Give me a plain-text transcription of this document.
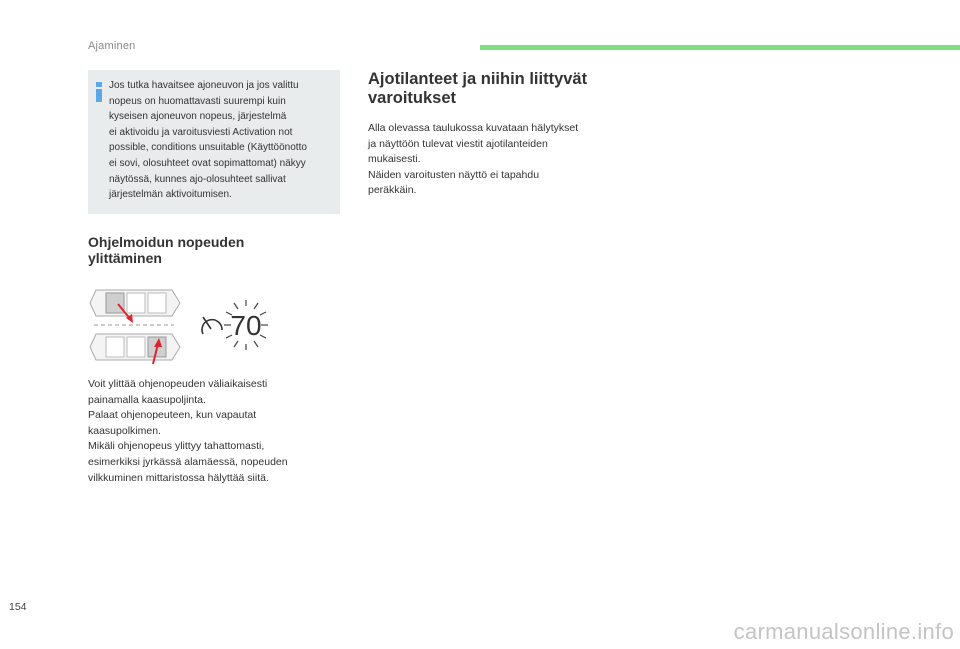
Ajaminen
Jos tutka havaitsee ajoneuvon ja jos valittu
nopeus on huomattavasti suurempi kuin
kyseisen ajoneuvon nopeus, järjestelmä
ei aktivoidu ja varoitusviesti Activation not
possible, conditions unsuitable (Käyttöönotto
ei sovi, olosuhteet ovat sopimattomat) näkyy
näytössä, kunnes ajo-olosuhteet sallivat
järjestelmän aktivoitumisen.
Ohjelmoidun nopeuden
ylittäminen
70
Voit ylittää ohjenopeuden väliaikaisesti
painamalla kaasupoljinta.
Palaat ohjenopeuteen, kun vapautat
kaasupolkimen.
Mikäli ohjenopeus ylittyy tahattomasti,
esimerkiksi jyrkässä alamäessä, nopeuden
vilkkuminen mittaristossa hälyttää siitä.
Ajotilanteet ja niihin liittyvät
varoitukset
Alla olevassa taulukossa kuvataan hälytykset
ja näyttöön tulevat viestit ajotilanteiden
mukaisesti.
Näiden varoitusten näyttö ei tapahdu
peräkkäin.
154
carmanualsonline.info
